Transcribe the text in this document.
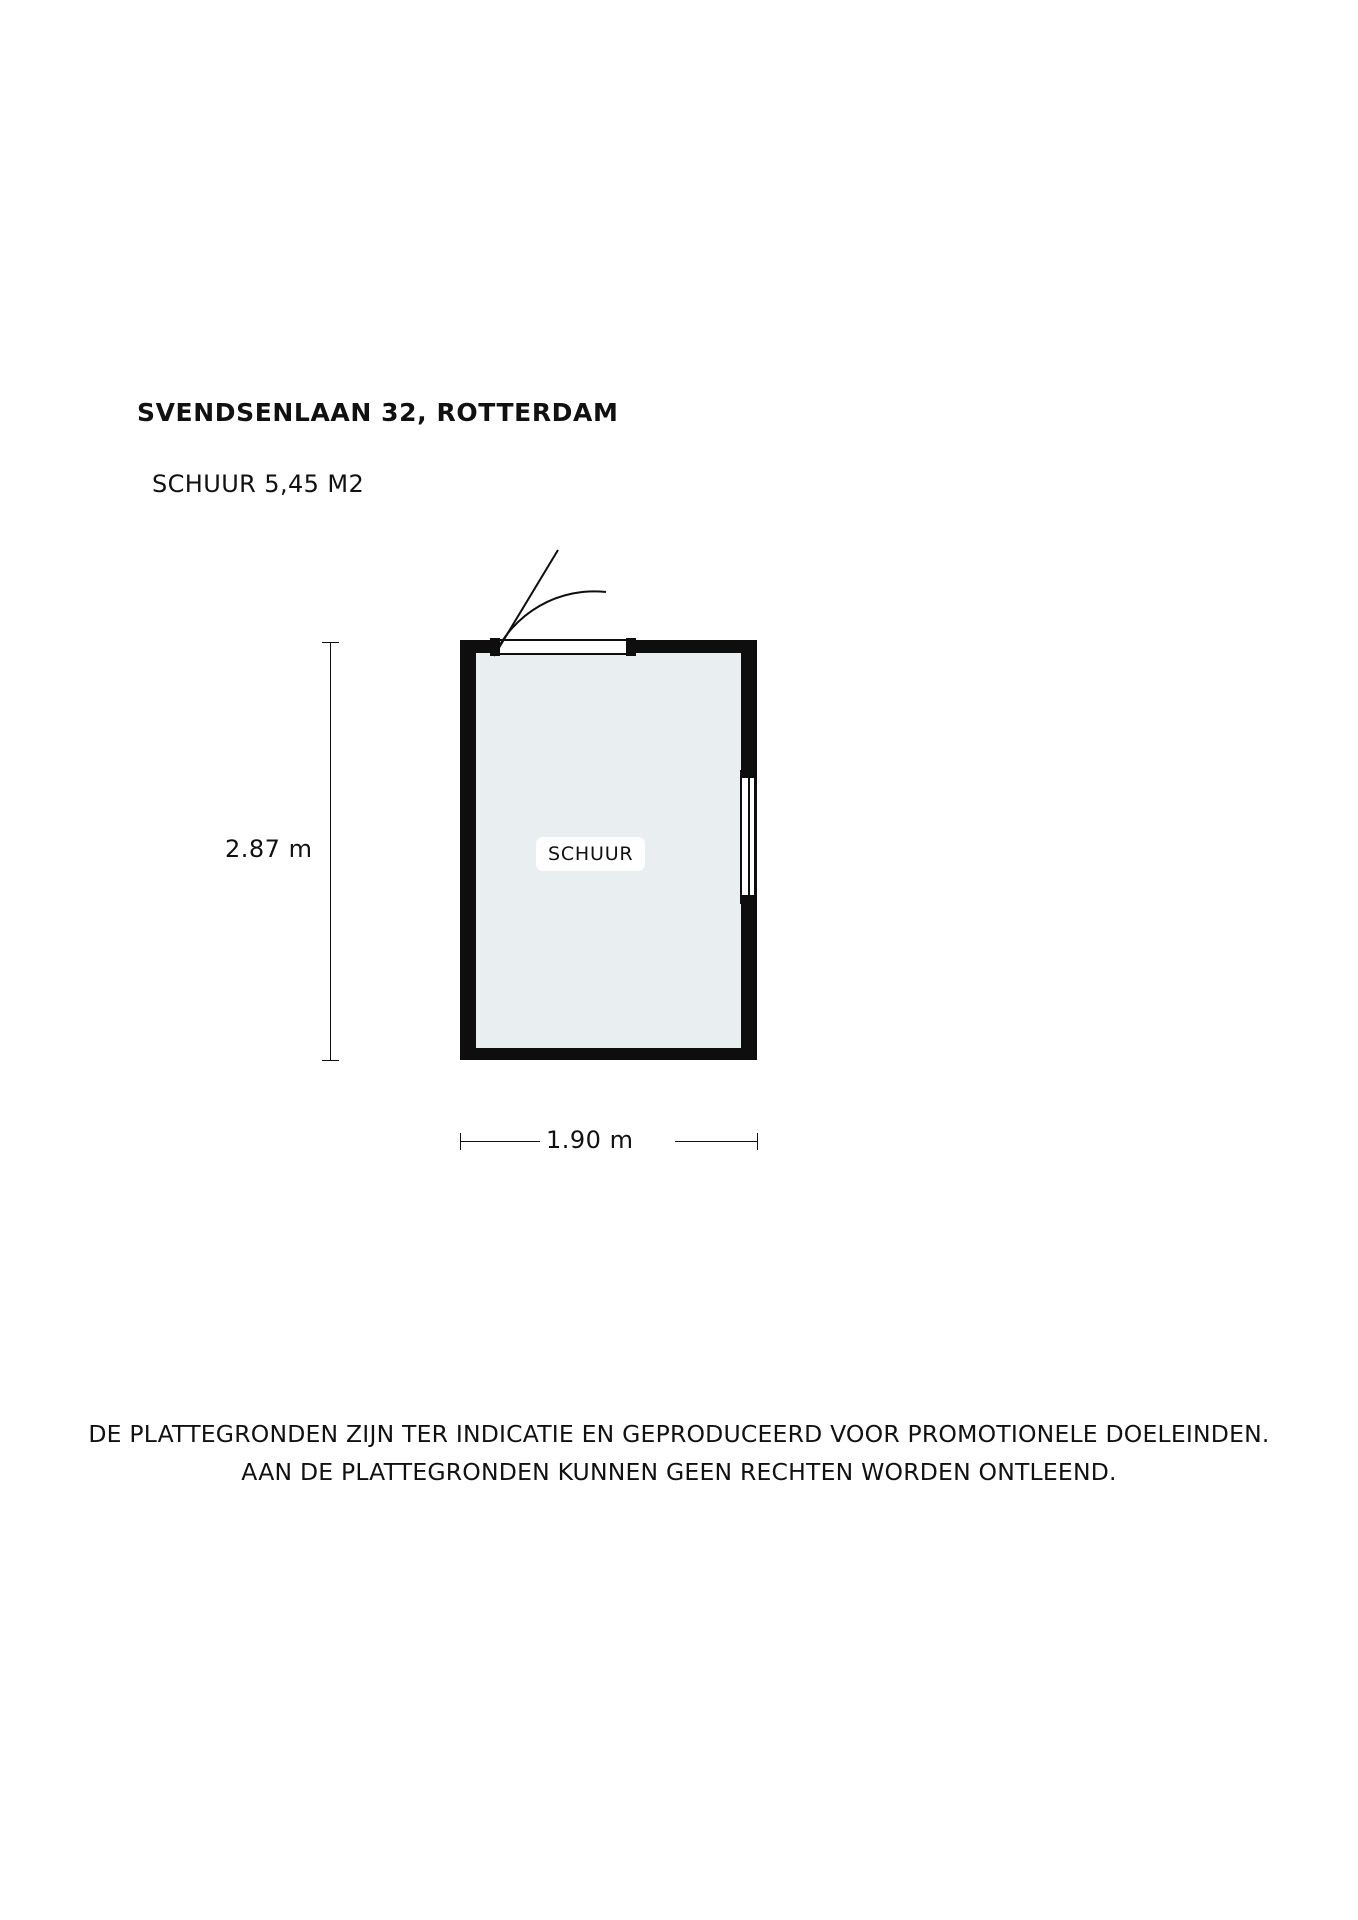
SVENDSENLAAN 32, ROTTERDAM
SCHUUR 5,45 M2
2.87 m	SCHUUR
1.90 m
DE PLATTEGRONDEN ZIJN TER INDICATIE EN GEPRODUCEERD VOOR PROMOTIONELE DOELEINDEN.
AAN DE PLATTEGRONDEN KUNNEN GEEN RECHTEN WORDEN ONTLEEND.
